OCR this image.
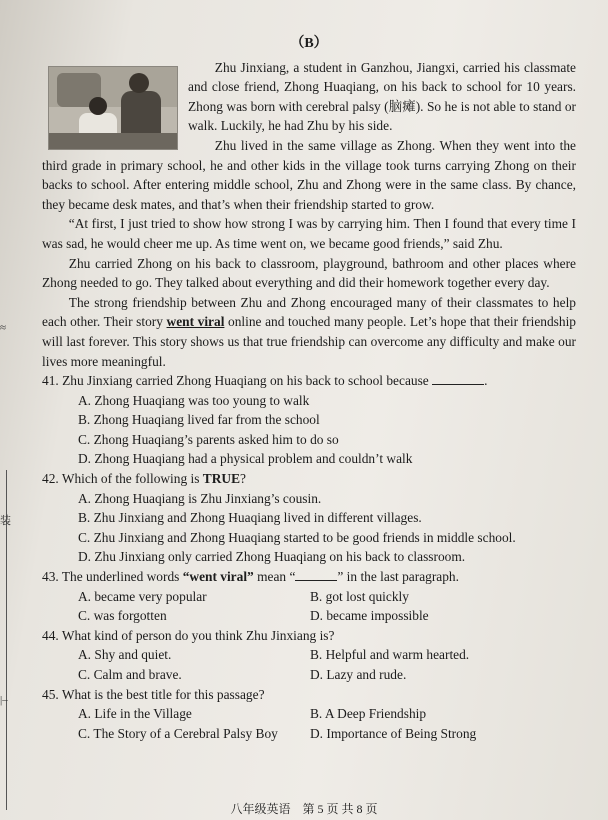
≈
装
|–
（B）

Zhu Jinxiang, a student in Ganzhou, Jiangxi, carried his classmate and close friend, Zhong Huaqiang, on his back to school for 10 years. Zhong was born with cerebral palsy (脑瘫). So he is not able to stand or walk. Luckily, he had Zhu by his side.

Zhu lived in the same village as Zhong. When they went into the third grade in primary school, he and other kids in the village took turns carrying Zhong on their backs to school. After entering middle school, Zhu and Zhong were in the same class. By chance, they became desk mates, and that’s when their friendship started to grow.

“At first, I just tried to show how strong I was by carrying him. Then I found that every time I was sad, he would cheer me up. As time went on, we became good friends,” said Zhu.

Zhu carried Zhong on his back to classroom, playground, bathroom and other places where Zhong needed to go. They talked about everything and did their homework together every day.

The strong friendship between Zhu and Zhong encouraged many of their classmates to help each other. Their story went viral online and touched many people. Let’s hope that their friendship will last forever. This story shows us that true friendship can overcome any difficulty and make our lives more meaningful.

41. Zhu Jinxiang carried Zhong Huaqiang on his back to school because	.
A. Zhong Huaqiang was too young to walk
B. Zhong Huaqiang lived far from the school
C. Zhong Huaqiang’s parents asked him to do so
D. Zhong Huaqiang had a physical problem and couldn’t walk
42. Which of the following is TRUE?
A. Zhong Huaqiang is Zhu Jinxiang’s cousin.
B. Zhu Jinxiang and Zhong Huaqiang lived in different villages.
C. Zhu Jinxiang and Zhong Huaqiang started to be good friends in middle school.
D. Zhu Jinxiang only carried Zhong Huaqiang on his back to classroom.
43. The underlined words “went viral” mean “	” in the last paragraph.
A. became very popular	B. got lost quickly
C. was forgotten	D. became impossible
44. What kind of person do you think Zhu Jinxiang is?
A. Shy and quiet.	B. Helpful and warm hearted.
C. Calm and brave.	D. Lazy and rude.
45. What is the best title for this passage?
A. Life in the Village	B. A Deep Friendship
C. The Story of a Cerebral Palsy Boy	D. Importance of Being Strong
八年级英语　第 5 页 共 8 页
